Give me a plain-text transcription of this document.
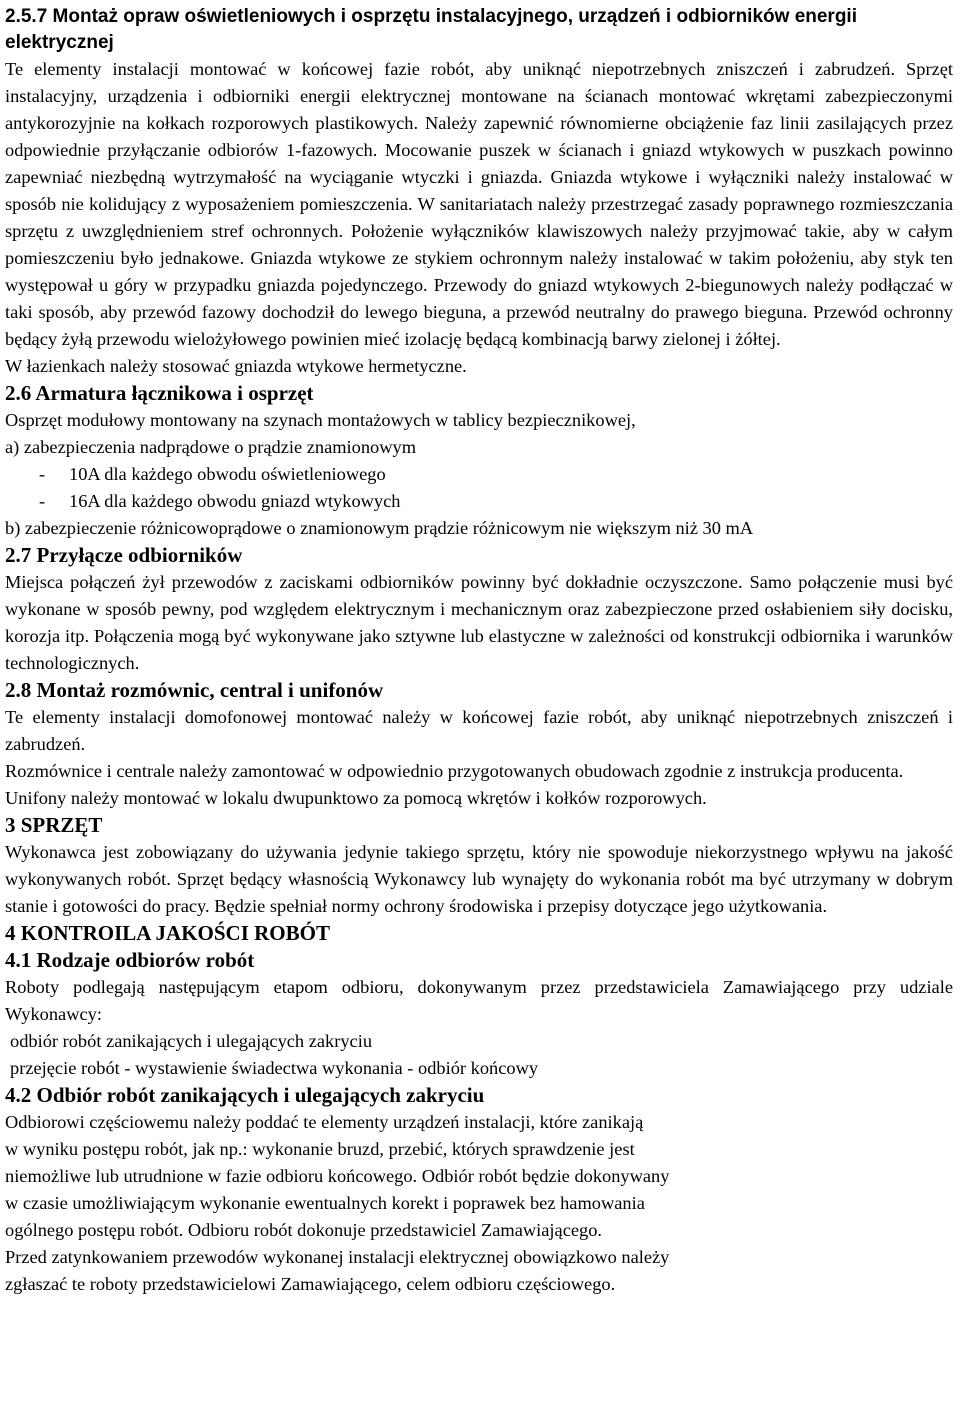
2.5.7 Montaż opraw oświetleniowych i osprzętu instalacyjnego, urządzeń i odbiorników energii elektrycznej

Te elementy instalacji montować w końcowej fazie robót, aby uniknąć niepotrzebnych zniszczeń i zabrudzeń. Sprzęt instalacyjny, urządzenia i odbiorniki energii elektrycznej montowane na ścianach montować wkrętami zabezpieczonymi antykorozyjnie na kołkach rozporowych plastikowych. Należy zapewnić równomierne obciążenie faz linii zasilających przez odpowiednie przyłączanie odbiorów 1-fazowych. Mocowanie puszek w ścianach i gniazd wtykowych w puszkach powinno zapewniać niezbędną wytrzymałość na wyciąganie wtyczki i gniazda. Gniazda wtykowe i wyłączniki należy instalować w sposób nie kolidujący z wyposażeniem pomieszczenia. W sanitariatach należy przestrzegać zasady poprawnego rozmieszczania sprzętu z uwzględnieniem stref ochronnych. Położenie wyłączników klawiszowych należy przyjmować takie, aby w całym pomieszczeniu było jednakowe. Gniazda wtykowe ze stykiem ochronnym należy instalować w takim położeniu, aby styk ten występował u góry w przypadku gniazda pojedynczego. Przewody do gniazd wtykowych 2-biegunowych należy podłączać w taki sposób, aby przewód fazowy dochodził do lewego bieguna, a przewód neutralny do prawego bieguna. Przewód ochronny będący żyłą przewodu wielożyłowego powinien mieć izolację będącą kombinacją barwy zielonej i żółtej.

W łazienkach należy stosować gniazda wtykowe hermetyczne.

2.6 Armatura łącznikowa i osprzęt

Osprzęt modułowy montowany na szynach montażowych w tablicy bezpiecznikowej,

a) zabezpieczenia nadprądowe o prądzie znamionowym

- 10A dla każdego obwodu oświetleniowego

- 16A dla każdego obwodu gniazd wtykowych

b) zabezpieczenie różnicowoprądowe o znamionowym prądzie różnicowym nie większym niż 30 mA

2.7 Przyłącze odbiorników

Miejsca połączeń żył przewodów z zaciskami odbiorników powinny być dokładnie oczyszczone. Samo połączenie musi być wykonane w sposób pewny, pod względem elektrycznym i mechanicznym oraz zabezpieczone przed osłabieniem siły docisku, korozja itp. Połączenia mogą być wykonywane jako sztywne lub elastyczne w zależności od konstrukcji odbiornika i warunków technologicznych.

2.8 Montaż rozmównic, central i unifonów

Te elementy instalacji domofonowej montować należy w końcowej fazie robót, aby uniknąć niepotrzebnych zniszczeń i zabrudzeń.

Rozmównice i centrale należy zamontować w odpowiednio przygotowanych obudowach zgodnie z instrukcja producenta.

Unifony należy montować w lokalu dwupunktowo za pomocą wkrętów i kołków rozporowych.

3 SPRZĘT

Wykonawca jest zobowiązany do używania jedynie takiego sprzętu, który nie spowoduje niekorzystnego wpływu na jakość wykonywanych robót. Sprzęt będący własnością Wykonawcy lub wynajęty do wykonania robót ma być utrzymany w dobrym stanie i gotowości do pracy. Będzie spełniał normy ochrony środowiska i przepisy dotyczące jego użytkowania.

4 KONTROILA JAKOŚCI ROBÓT
4.1 Rodzaje odbiorów robót

Roboty podlegają następującym etapom odbioru, dokonywanym przez przedstawiciela Zamawiającego przy udziale Wykonawcy:

odbiór robót zanikających i ulegających zakryciu

przejęcie robót - wystawienie świadectwa wykonania - odbiór końcowy

4.2 Odbiór robót zanikających i ulegających zakryciu

Odbiorowi częściowemu należy poddać te elementy urządzeń instalacji, które zanikają

w wyniku postępu robót, jak np.: wykonanie bruzd, przebić, których sprawdzenie jest

niemożliwe lub utrudnione w fazie odbioru końcowego. Odbiór robót będzie dokonywany

w czasie umożliwiającym wykonanie ewentualnych korekt i poprawek bez hamowania

ogólnego postępu robót. Odbioru robót dokonuje przedstawiciel Zamawiającego.

Przed zatynkowaniem przewodów wykonanej instalacji elektrycznej obowiązkowo należy

zgłaszać te roboty przedstawicielowi Zamawiającego, celem odbioru częściowego.
